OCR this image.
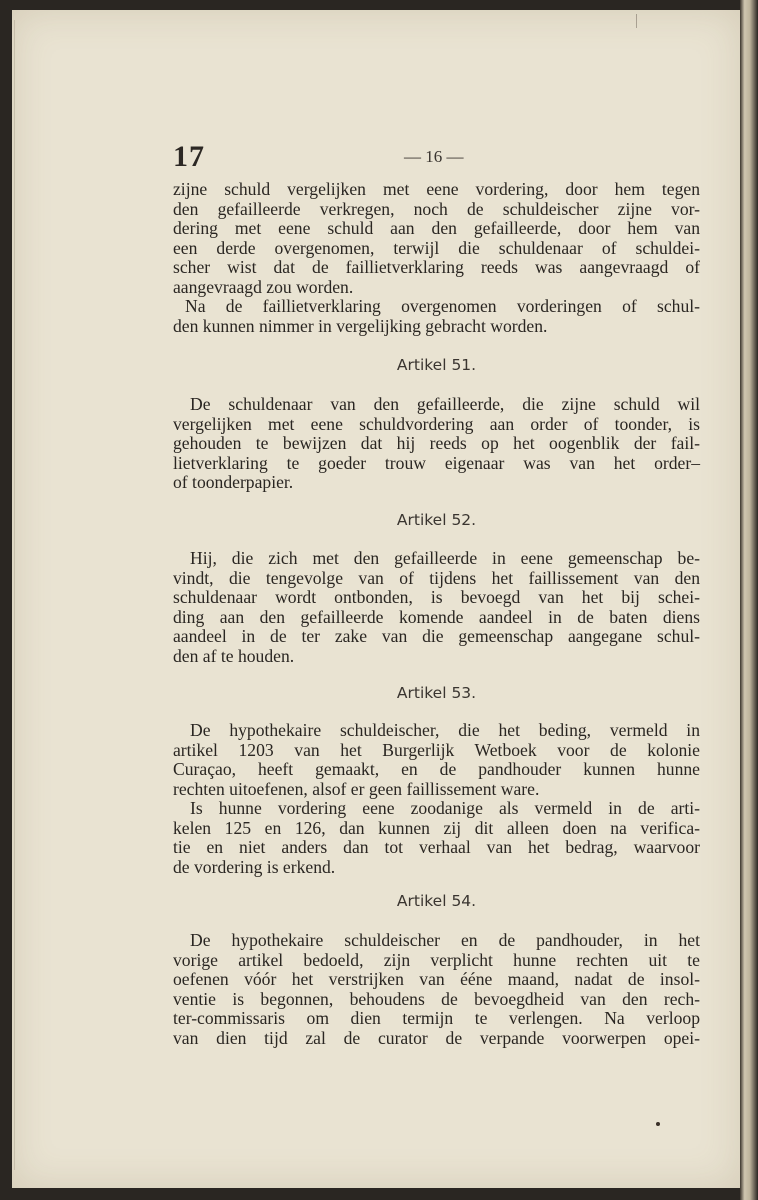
17	— 16 —

zijne schuld vergelijken met eene vordering, door hem tegen

den gefailleerde verkregen, noch de schuldeischer zijne vor-

dering met eene schuld aan den gefailleerde, door hem van

een derde overgenomen, terwijl die schuldenaar of schuldei-

scher wist dat de faillietverklaring reeds was aangevraagd of

aangevraagd zou worden.

Na de faillietverklaring overgenomen vorderingen of schul-

den kunnen nimmer in vergelijking gebracht worden.

Artikel 51.

De schuldenaar van den gefailleerde, die zijne schuld wil

vergelijken met eene schuldvordering aan order of toonder, is

gehouden te bewijzen dat hij reeds op het oogenblik der fail-

lietverklaring te goeder trouw eigenaar was van het order–

of toonderpapier.

Artikel 52.

Hij, die zich met den gefailleerde in eene gemeenschap be-

vindt, die tengevolge van of tijdens het faillissement van den

schuldenaar wordt ontbonden, is bevoegd van het bij schei-

ding aan den gefailleerde komende aandeel in de baten diens

aandeel in de ter zake van die gemeenschap aangegane schul-

den af te houden.

Artikel 53.

De hypothekaire schuldeischer, die het beding, vermeld in

artikel 1203 van het Burgerlijk Wetboek voor de kolonie

Curaçao, heeft gemaakt, en de pandhouder kunnen hunne

rechten uitoefenen, alsof er geen faillissement ware.

Is hunne vordering eene zoodanige als vermeld in de arti-

kelen 125 en 126, dan kunnen zij dit alleen doen na verifica-

tie en niet anders dan tot verhaal van het bedrag, waarvoor

de vordering is erkend.

Artikel 54.

De hypothekaire schuldeischer en de pandhouder, in het

vorige artikel bedoeld, zijn verplicht hunne rechten uit te

oefenen vóór het verstrijken van ééne maand, nadat de insol-

ventie is begonnen, behoudens de bevoegdheid van den rech-

ter-commissaris om dien termijn te verlengen. Na verloop

van dien tijd zal de curator de verpande voorwerpen opei-
